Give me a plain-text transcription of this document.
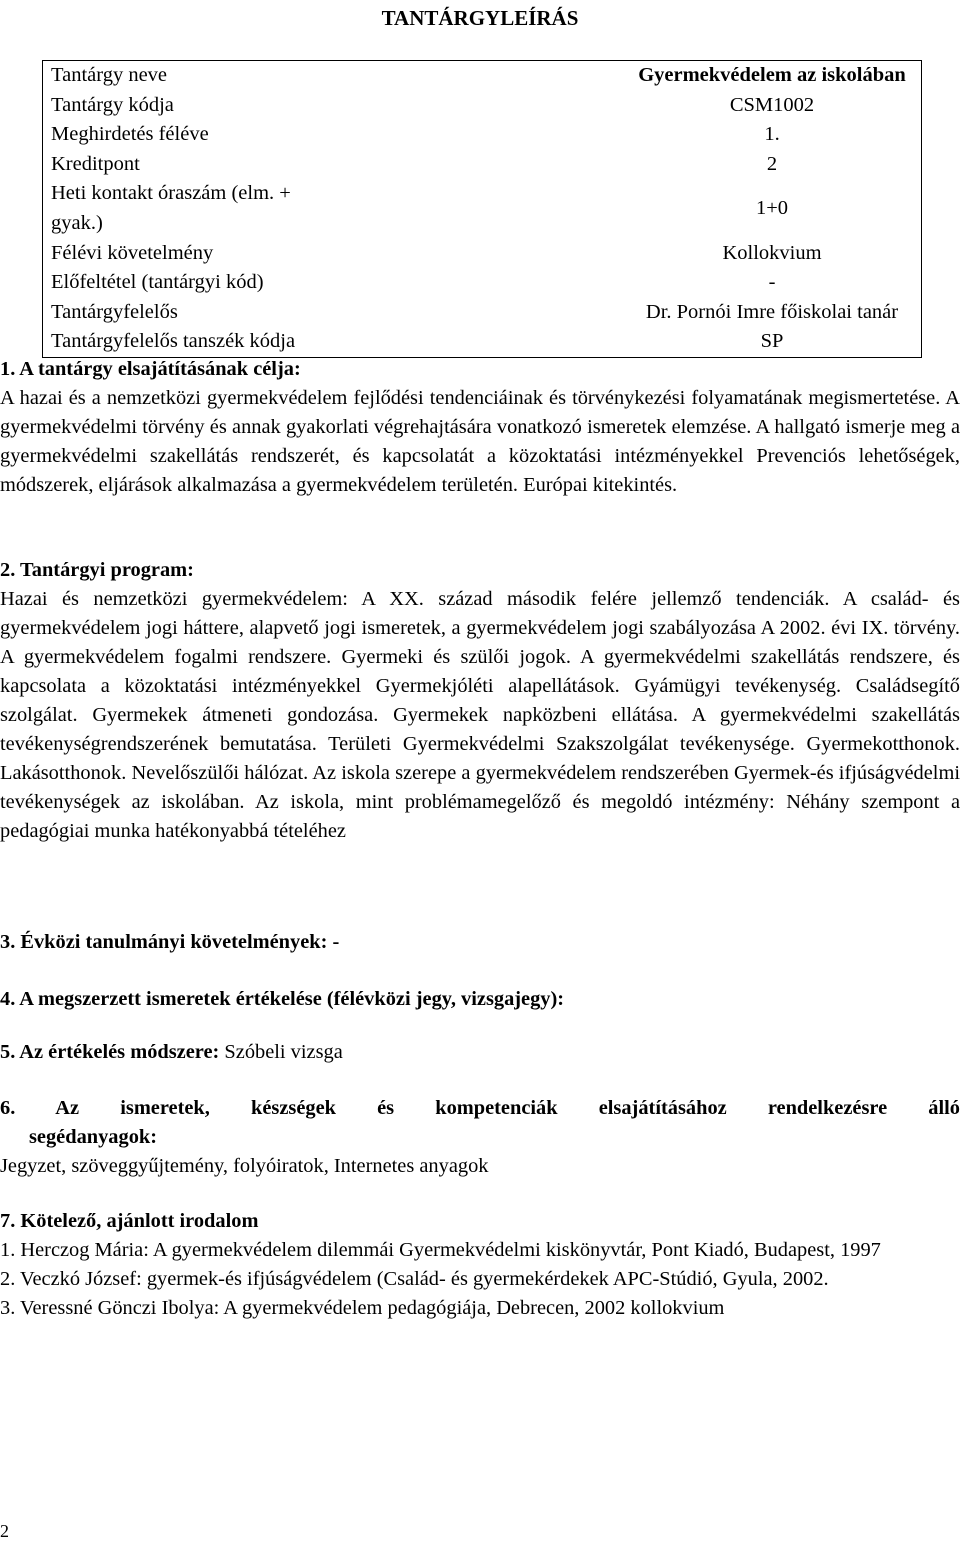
TANTÁRGYLEÍRÁS
Tantárgy neve	Gyermekvédelem az iskolában
Tantárgy kódja	CSM1002
Meghirdetés féléve	1.
Kreditpont	2
Heti kontakt óraszám (elm. + gyak.)	1+0
Félévi követelmény	Kollokvium
Előfeltétel (tantárgyi kód)	-
Tantárgyfelelős	Dr. Pornói Imre főiskolai tanár
Tantárgyfelelős tanszék kódja	SP

1. A tantárgy elsajátításának célja:

A hazai és a nemzetközi gyermekvédelem fejlődési tendenciáinak és törvénykezési folyamatának megismertetése. A gyermekvédelmi törvény és annak gyakorlati végrehajtására vonatkozó ismeretek elemzése. A hallgató ismerje meg a gyermekvédelmi szakellátás rendszerét, és kapcsolatát a közoktatási intézményekkel Prevenciós lehetőségek, módszerek, eljárások alkalmazása a gyermekvédelem területén. Európai kitekintés.

2. Tantárgyi program:

Hazai és nemzetközi gyermekvédelem: A XX. század második felére jellemző tendenciák. A család- és gyermekvédelem jogi háttere, alapvető jogi ismeretek, a gyermekvédelem jogi szabályozása A 2002. évi IX. törvény. A gyermekvédelem fogalmi rendszere. Gyermeki és szülői jogok. A gyermekvédelmi szakellátás rendszere, és kapcsolata a közoktatási intézményekkel Gyermekjóléti alapellátások. Gyámügyi tevékenység. Családsegítő szolgálat. Gyermekek átmeneti gondozása. Gyermekek napközbeni ellátása. A gyermekvédelmi szakellátás tevékenységrendszerének bemutatása. Területi Gyermekvédelmi Szakszolgálat tevékenysége. Gyermekotthonok. Lakásotthonok. Nevelőszülői hálózat. Az iskola szerepe a gyermekvédelem rendszerében Gyermek-és ifjúságvédelmi tevékenységek az iskolában. Az iskola, mint problémamegelőző és megoldó intézmény: Néhány szempont a pedagógiai munka hatékonyabbá tételéhez

3. Évközi tanulmányi követelmények: -

4. A megszerzett ismeretek értékelése (félévközi jegy, vizsgajegy):

5. Az értékelés módszere: Szóbeli vizsga

6. Az ismeretek, készségek és kompetenciák elsajátításához rendelkezésre álló

segédanyagok:

Jegyzet, szöveggyűjtemény, folyóiratok, Internetes anyagok

7. Kötelező, ajánlott irodalom

1. Herczog Mária: A gyermekvédelem dilemmái Gyermekvédelmi kiskönyvtár, Pont Kiadó, Budapest, 1997

2. Veczkó József: gyermek-és ifjúságvédelem (Család- és gyermekérdekek APC-Stúdió, Gyula, 2002.

3. Veressné Gönczi Ibolya: A gyermekvédelem pedagógiája, Debrecen, 2002 kollokvium

2
